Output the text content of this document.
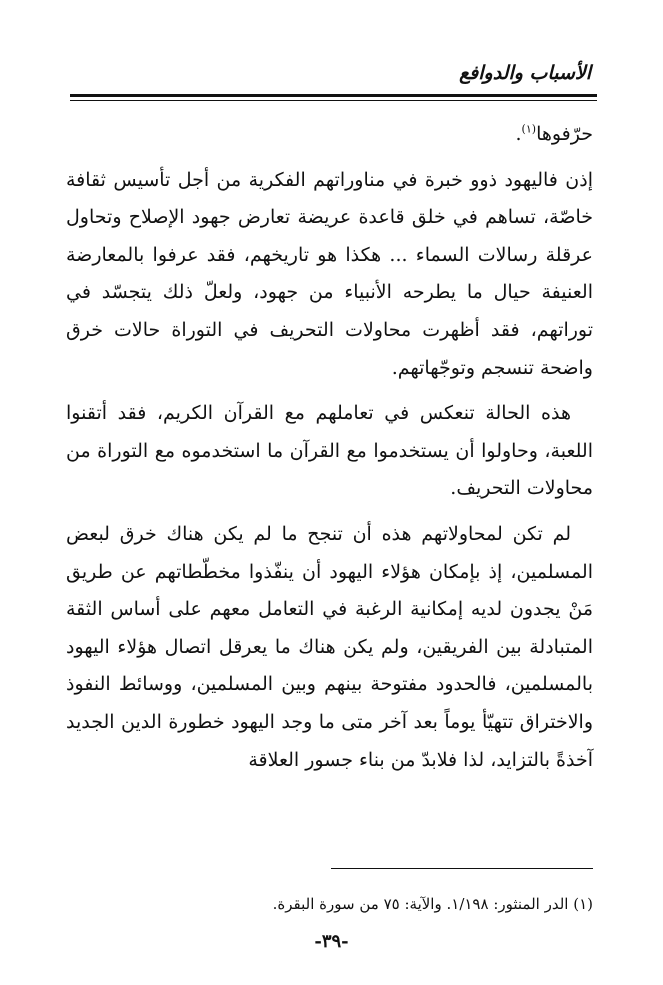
الأسباب والدوافع

حرّفوها$^{(١)}$.

إذن فاليهود ذوو خبرة في مناوراتهم الفكرية من أجل تأسيس ثقافة خاصّة، تساهم في خلق قاعدة عريضة تعارض جهود الإصلاح وتحاول عرقلة رسالات السماء ... هكذا هو تاريخهم، فقد عرفوا بالمعارضة العنيفة حيال ما يطرحه الأنبياء من جهود، ولعلّ ذلك يتجسّد في توراتهم، فقد أظهرت محاولات التحريف في التوراة حالات خرق واضحة تنسجم وتوجّهاتهم.

هذه الحالة تنعكس في تعاملهم مع القرآن الكريم، فقد أتقنوا اللعبة، وحاولوا أن يستخدموا مع القرآن ما استخدموه مع التوراة من محاولات التحريف.

لم تكن لمحاولاتهم هذه أن تنجح ما لم يكن هناك خرق لبعض المسلمين، إذ بإمكان هؤلاء اليهود أن ينفّذوا مخطّطاتهم عن طريق مَنْ يجدون لديه إمكانية الرغبة في التعامل معهم على أساس الثقة المتبادلة بين الفريقين، ولم يكن هناك ما يعرقل اتصال هؤلاء اليهود بالمسلمين، فالحدود مفتوحة بينهم وبين المسلمين، ووسائط النفوذ والاختراق تتهيّأ يوماً بعد آخر متى ما وجد اليهود خطورة الدين الجديد آخذةً بالتزايد، لذا فلابدّ من بناء جسور العلاقة

(١) الدر المنثور: ١/١٩٨. والآية: ٧٥ من سورة البقرة.
-٣٩-
